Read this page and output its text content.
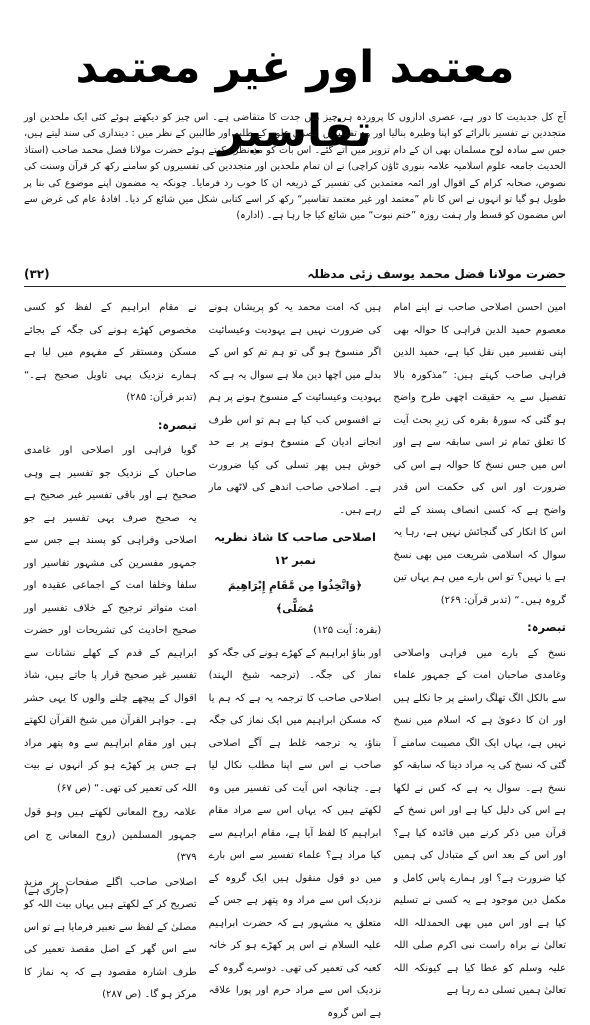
معتمد اور غیر معتمد تفاسیر
آج کل جدیدیت کا دور ہے، عصری اداروں کا پروردہ ہر چیز میں جدت کا متقاضی ہے۔ اس چیز کو دیکھتے ہوئے کئی ایک ملحدین اور متجددین نے تفسیر بالرائے کو اپنا وطیرہ بنالیا اور وہ تفسیریں عصری علوم کے طلبہ اور طالبین کے نظر میں : دینداری کی سند لیتے ہیں، جس سے سادہ لوح مسلمان بھی ان کے دام تزویر میں آتے گئے۔ اس بات کو مدِ نظر رکھتے ہوئے حضرت مولانا فضل محمد صاحب (استاذ الحدیث جامعہ علوم اسلامیہ علامہ بنوری ٹاؤن کراچی) نے ان تمام ملحدین اور متجددین کی تفسیروں کو سامنے رکھ کر قرآن وسنت کی نصوص، صحابہ کرام کے اقوال اور ائمہ معتمدین کی تفسیر کے ذریعہ ان کا خوب رد فرمایا۔ چونکہ یہ مضمون اپنے موضوع کی بنا پر طویل ہو گیا تو انہوں نے اس کا نام ”معتمد اور غیر معتمد تفاسیر“ رکھ کر اسے کتابی شکل میں شائع کر دیا۔ افادۂ عام کی غرض سے اس مضمون کو قسط وار ہفت روزہ ”ختم نبوت“ میں شائع کیا جا رہا ہے۔ (ادارہ)
حضرت مولانا فضل محمد یوسف زئی مدظلہ
(۳۲)

امین احسن اصلاحی صاحب نے اپنے امام معصوم حمید الدین فراہی کا حوالہ بھی اپنی تفسیر میں نقل کیا ہے، حمید الدین فراہی صاحب کہتے ہیں: ”مذکورہ بالا تفصیل سے یہ حقیقت اچھی طرح واضح ہو گئی کہ سورۂ بقرہ کی زیرِ بحث آیت کا تعلق تمام تر اسی سابقہ سے ہے اور اس میں جس نسخ کا حوالہ ہے اس کی ضرورت اور اس کی حکمت اس قدر واضح ہے کہ کسی انصاف پسند کے لئے اس کا انکار کی گنجائش نہیں ہے، رہا یہ سوال کہ اسلامی شریعت میں بھی نسخ ہے یا نہیں؟ تو اس بارے میں ہم یہاں تین گروہ ہیں۔“ (تدبر قرآن: ۲۶۹)

تبصرہ:

نسخ کے بارے میں فراہی واصلاحی وغامدی صاحبان امت کے جمہور علماء سے بالکل الگ تھلگ راستے پر جا نکلے ہیں اور ان کا دعویٰ ہے کہ اسلام میں نسخ نہیں ہے، یہاں ایک الگ مصیبت سامنے آ گئی کہ نسخ کی یہ مراد دینا کہ سابقہ کو نسخ ہے۔ سوال یہ ہے کہ کس نے لکھا ہے اس کی دلیل کیا ہے اور اس نسخ کے قرآن میں ذکر کرنے میں فائدہ کیا ہے؟ اور اس کے بعد اس کے متبادل کی ہمیں کیا ضرورت ہے؟ اور ہمارے پاس کامل و مکمل دین موجود ہے یہ کسی نے تسلیم کیا ہے اور اس میں بھی الحمدللہ اللہ تعالیٰ نے براہ راست نبی اکرم صلی اللہ علیہ وسلم کو عطا کیا ہے کیونکہ اللہ تعالیٰ ہمیں تسلی دے رہا ہے

ہیں کہ امت محمد یہ کو پریشان ہونے کی ضرورت نہیں ہے یہودیت وعیسائیت اگر منسوخ ہو گی تو ہم تم کو اس کے بدلے میں اچھا دین ملا ہے سوال یہ ہے کہ یہودیت وعیسائیت کے منسوخ ہونے پر ہم نے افسوس کب کیا ہے ہم تو اس طرف انجانے ادیان کے منسوخ ہونے پر بے حد خوش ہیں پھر تسلی کی کیا ضرورت ہے۔ اصلاحی صاحب اندھے کی لاٹھی مار رہے ہیں۔

اصلاحی صاحب کا شاذ نظریہ نمبر ۱۲
﴿وَاتَّخِذُوا مِن مَّقَامِ إِبْرَاهِيمَ مُصَلًّى﴾
(بقرہ: آیت ۱۲۵)

اور بناؤ ابراہیم کے کھڑے ہونے کی جگہ کو نماز کی جگہ۔ (ترجمہ شیخ الہند) اصلاحی صاحب کا ترجمہ یہ ہے کہ ہم یا کہ مسکن ابراہیم میں ایک نماز کی جگہ بناؤ، یہ ترجمہ غلط ہے آگے اصلاحی صاحب نے اس سے اپنا مطلب نکال لیا ہے۔ چنانچہ اس آیت کی تفسیر میں وہ لکھتے ہیں کہ یہاں اس سے مراد مقام ابراہیم کا لفظ آیا ہے، مقام ابراہیم سے کیا مراد ہے؟ علماء تفسیر سے اس بارے میں دو قول منقول ہیں ایک گروہ کے نزدیک اس سے مراد وہ پتھر ہے جس کے متعلق یہ مشہور ہے کہ حضرت ابراہیم علیہ السلام نے اس پر کھڑے ہو کر خانہ کعبہ کی تعمیر کی تھی۔ دوسرے گروہ کے نزدیک اس سے مراد حرم اور پورا علاقہ ہے اس گروہ

نے مقام ابراہیم کے لفظ کو کسی مخصوص کھڑے ہونے کی جگہ کے بجائے مسکن ومستقر کے مفہوم میں لیا ہے ہمارے نزدیک یہی تاویل صحیح ہے۔“ (تدبر قرآن: ۲۸۵)

تبصرہ:

گویا فراہی اور اصلاحی اور غامدی صاحبان کے نزدیک جو تفسیر ہے وہی صحیح ہے اور باقی تفسیر غیر صحیح ہے یہ صحیح صرف یہی تفسیر ہے جو اصلاحی وفراہی کو پسند ہے جس سے جمہور مفسرین کی مشہور تفاسیر اور سلفا وخلفا امت کے اجماعی عقیدہ اور امت متواتر ترجیح کے خلاف تفسیر اور صحیح احادیث کی تشریحات اور حضرت ابراہیم کے قدم کے کھلے نشانات سے تفسیر غیر صحیح قرار پا جاتے ہیں، شاذ اقوال کے پیچھے چلنے والوں کا یہی حشر ہے۔ جواہر القرآن میں شیخ القرآن لکھتے ہیں اور مقام ابراہیم سے وہ پتھر مراد ہے جس پر کھڑے ہو کر انہوں نے بیت اللہ کی تعمیر کی تھی۔“ (ص ۶۷)

علامہ روح المعانی لکھتے ہیں وہو قول جمہور المسلمین (روح المعانی ج اص ۳۷۹)

اصلاحی صاحب اگلے صفحات پر مزید تصریح کر کے لکھتے ہیں یہاں بیت اللہ کو مصلیٰ کے لفظ سے تعبیر فرمایا ہے تو اس سے اس گھر کے اصل مقصد تعمیر کی طرف اشارہ مقصود ہے کہ یہ نماز کا مرکز ہو گا۔ (ص ۲۸۷)

(جاری ہے)
